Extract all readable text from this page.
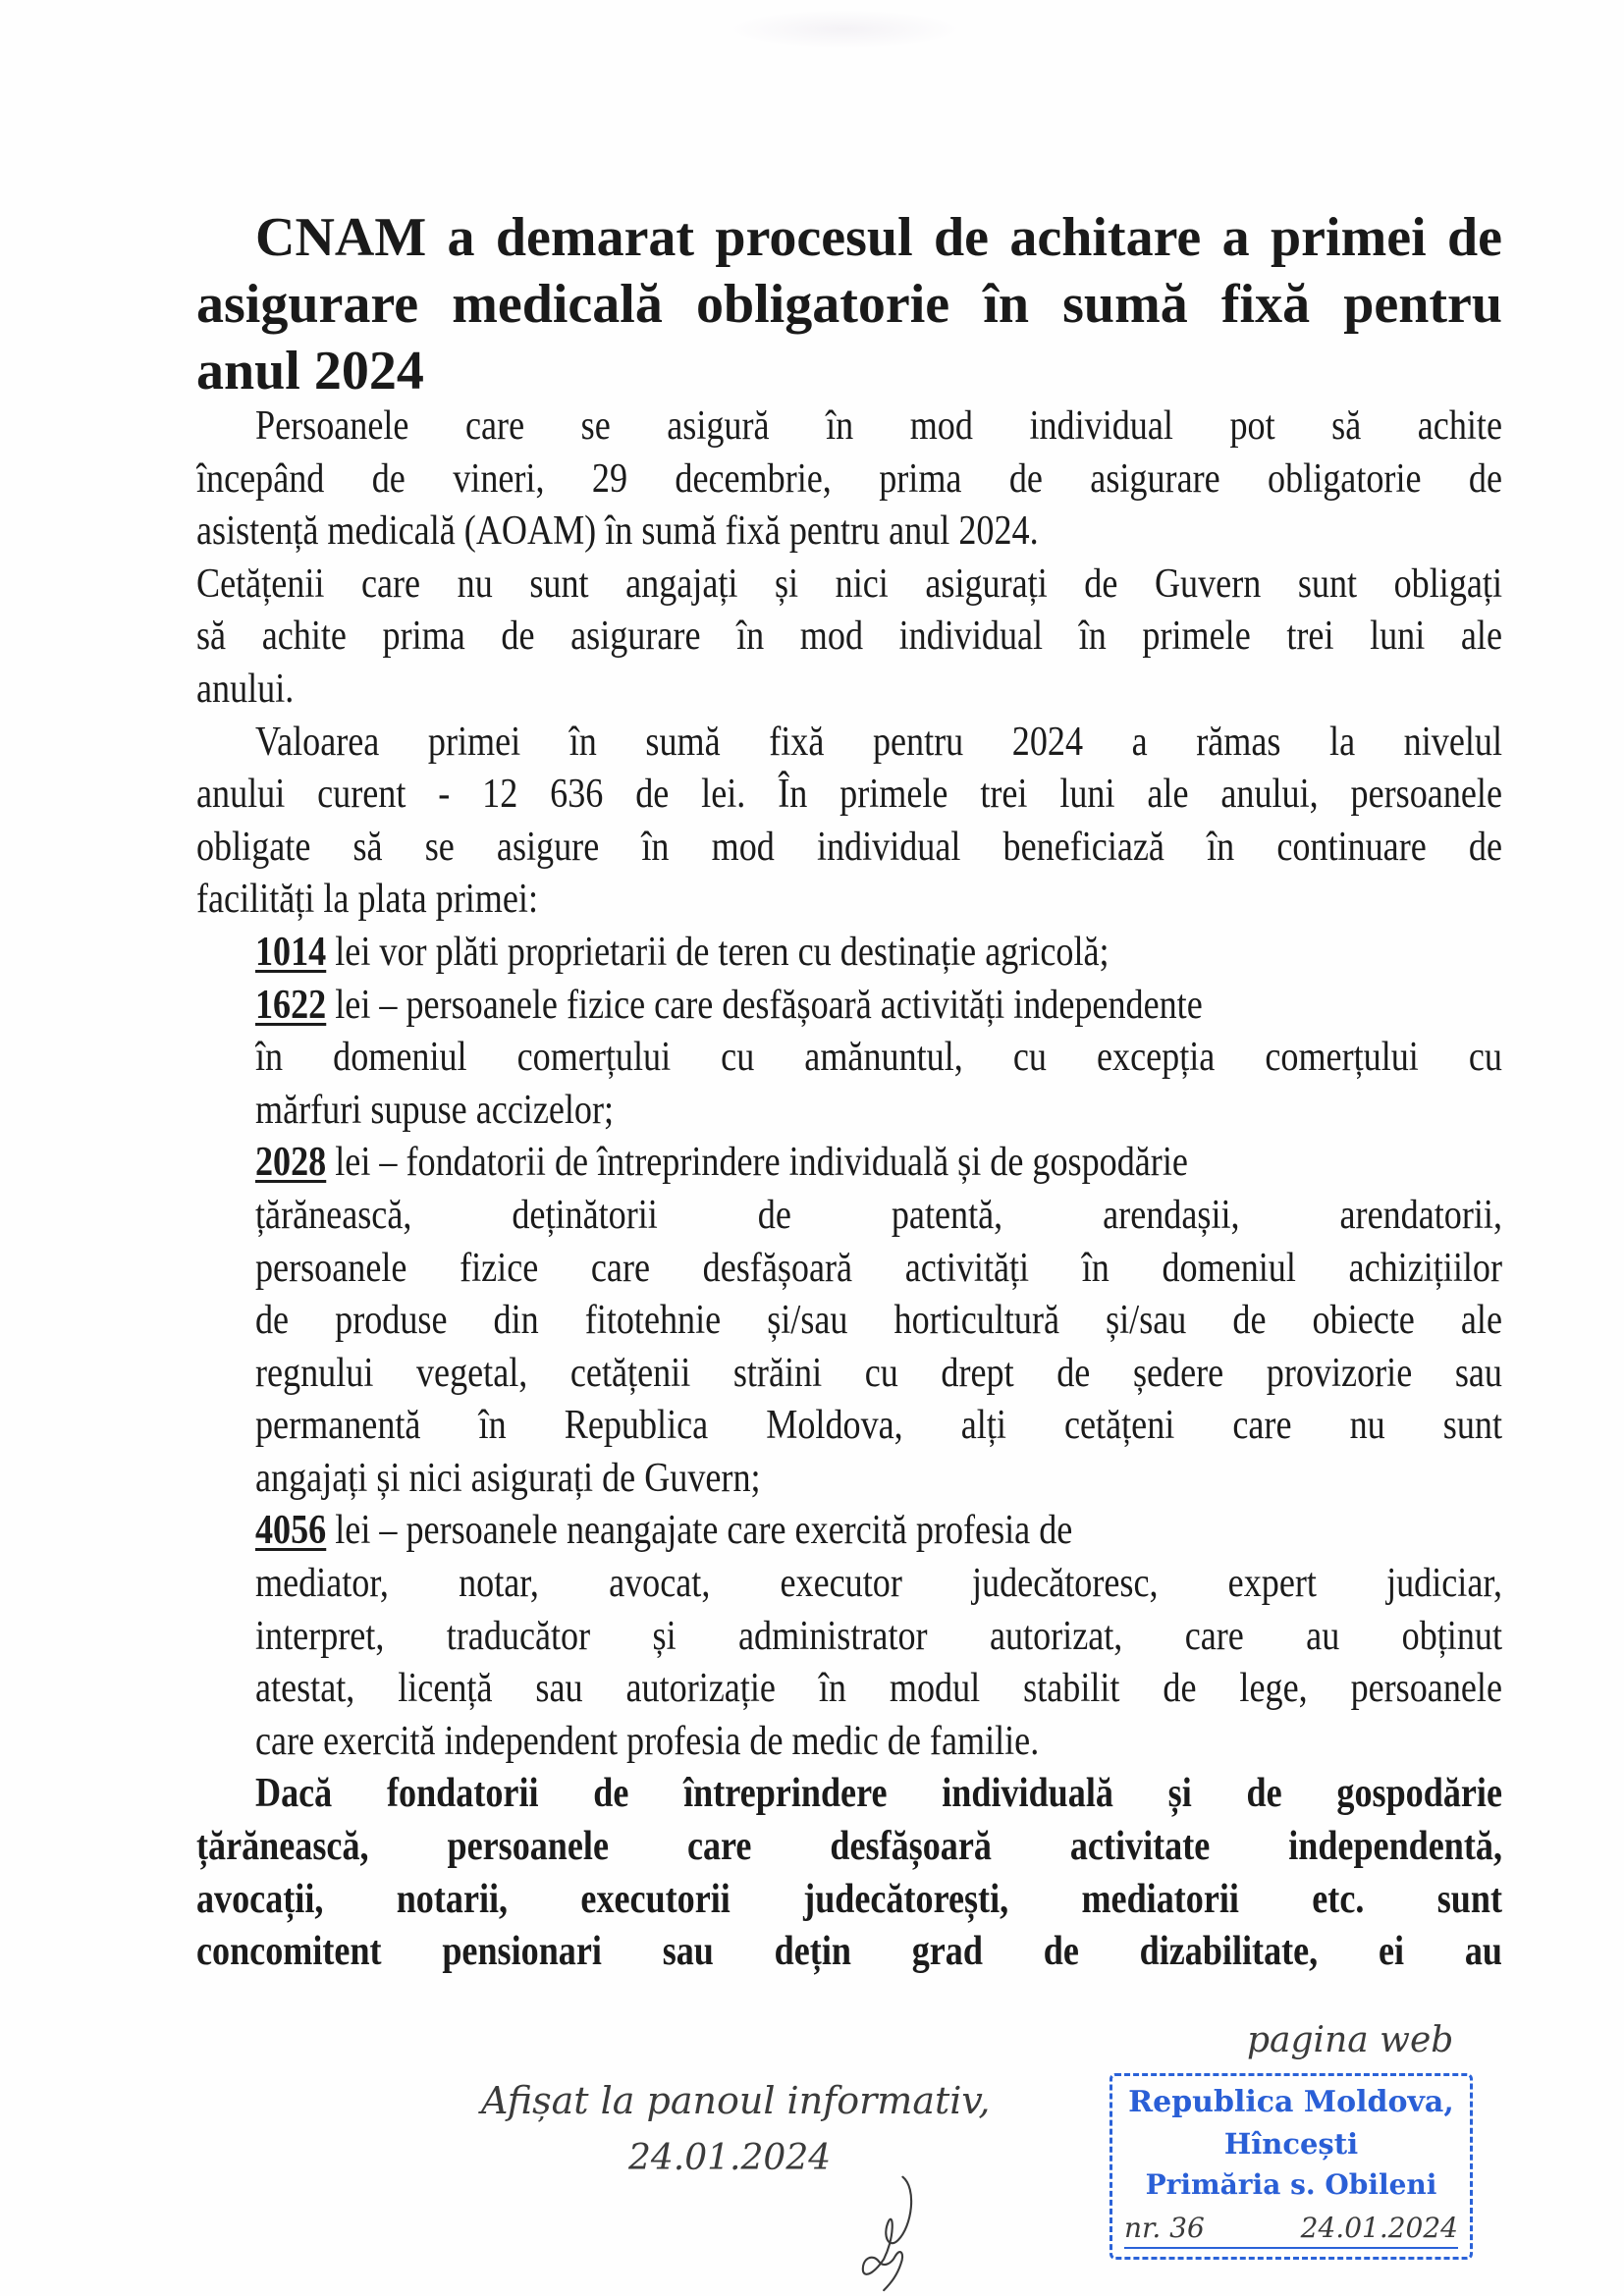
CNAM a demarat procesul de achitare a primei de
asigurare medicală obligatorie în sumă fixă pentru
anul 2024
Persoanele care se asigură în mod individual pot să achite
începând de vineri, 29 decembrie, prima de asigurare obligatorie de
asistență medicală (AOAM) în sumă fixă pentru anul 2024.
Cetățenii care nu sunt angajați și nici asigurați de Guvern sunt obligați
să achite prima de asigurare în mod individual în primele trei luni ale
anului.
Valoarea primei în sumă fixă pentru 2024 a rămas la nivelul
anului curent - 12 636 de lei. În primele trei luni ale anului, persoanele
obligate să se asigure în mod individual beneficiază în continuare de
facilități la plata primei:
1014 lei vor plăti proprietarii de teren cu destinație agricolă;
1622 lei – persoanele fizice care desfășoară activități independente
în domeniul comerțului cu amănuntul, cu excepția comerțului cu
mărfuri supuse accizelor;
2028 lei – fondatorii de întreprindere individuală și de gospodărie
țărănească, deținătorii de patentă, arendașii, arendatorii,
persoanele fizice care desfășoară activități în domeniul achizițiilor
de produse din fitotehnie și/sau horticultură și/sau de obiecte ale
regnului vegetal, cetățenii străini cu drept de ședere provizorie sau
permanentă în Republica Moldova, alți cetățeni care nu sunt
angajați și nici asigurați de Guvern;
4056 lei – persoanele neangajate care exercită profesia de
mediator, notar, avocat, executor judecătoresc, expert judiciar,
interpret, traducător și administrator autorizat, care au obținut
atestat, licență sau autorizație în modul stabilit de lege, persoanele
care exercită independent profesia de medic de familie.
Dacă fondatorii de întreprindere individuală și de gospodărie
țărănească, persoanele care desfășoară activitate independentă,
avocații, notarii, executorii judecătorești, mediatorii etc. sunt
concomitent pensionari sau dețin grad de dizabilitate, ei au
Afișat la panoul informativ,
pagina web
24.01.2024
Republica Moldova,
Hîncești
Primăria s. Obileni
nr. 36	24.01.2024
